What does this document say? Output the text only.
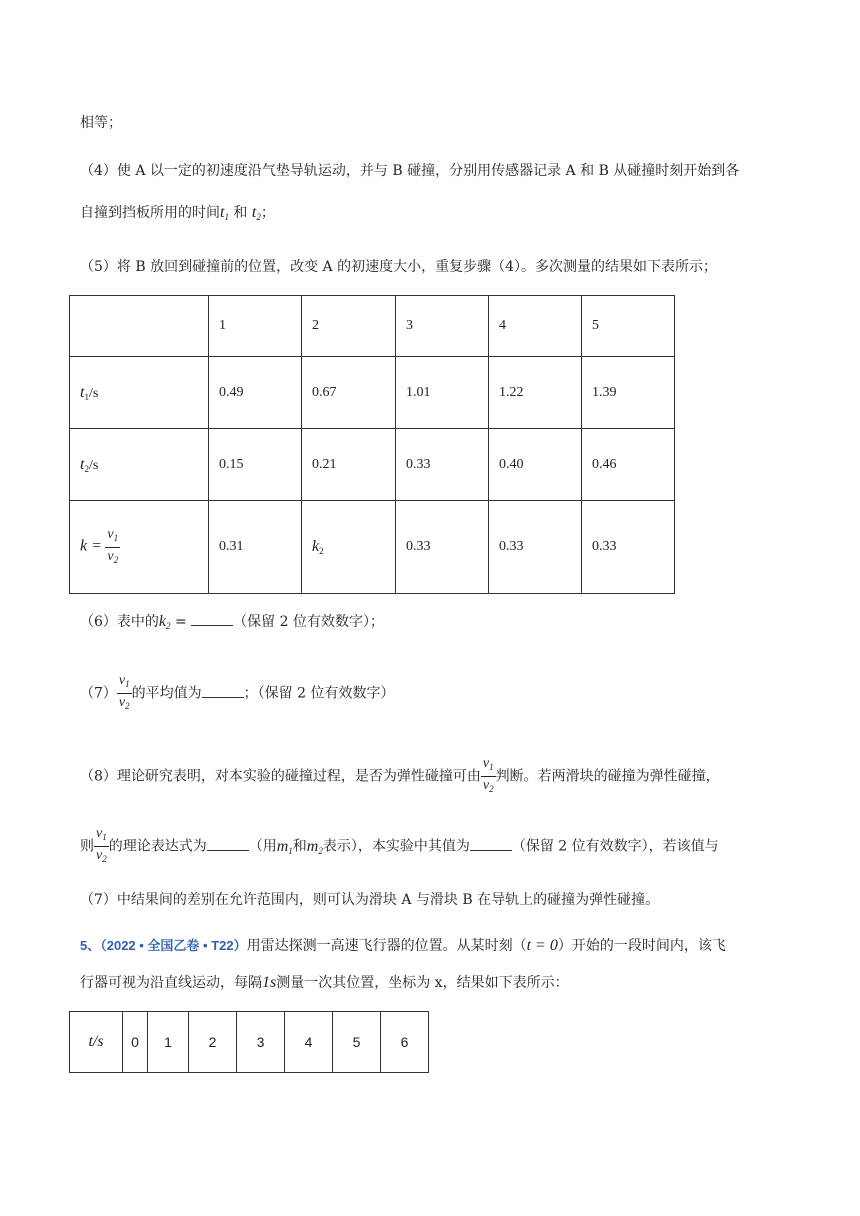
相等；
（4）使 A 以一定的初速度沿气垫导轨运动，并与 B 碰撞，分别用传感器记录 A 和 B 从碰撞时刻开始到各
自撞到挡板所用的时间$t_1$ 和 $t_2$；
（5）将 B 放回到碰撞前的位置，改变 A 的初速度大小，重复步骤（4）。多次测量的结果如下表所示；
	1	2	3	4	5
$t_1/s$	0.49	0.67	1.01	1.22	1.39
$t_2/s$	0.15	0.21	0.33	0.40	0.46
$k = \frac{v_1}{v_2}$	0.31	$k_2$	0.33	0.33	0.33
（6）表中的$k_2$ =	（保留 2 位有效数字）；
$(7) \frac{v_1}{v_2}$ 的平均值为	；（保留 2 位有效数字）
（8）理论研究表明，对本实验的碰撞过程，是否为弹性碰撞可由 $\frac{v_1}{v_2}$ 判断。若两滑块的碰撞为弹性碰撞，
则 $\frac{v_1}{v_2}$ 的理论表达式为	（用$m_1$和$m_2$表示），本实验中其值为	（保留 2 位有效数字），若该值与
（7）中结果间的差别在允许范围内，则可认为滑块 A 与滑块 B 在导轨上的碰撞为弹性碰撞。
5、（2022 • 全国乙卷 • T22）用雷达探测一高速飞行器的位置。从某时刻（t = 0）开始的一段时间内，该飞
行器可视为沿直线运动，每隔1s测量一次其位置，坐标为 x，结果如下表所示：
t/s	0	1	2	3	4	5	6
